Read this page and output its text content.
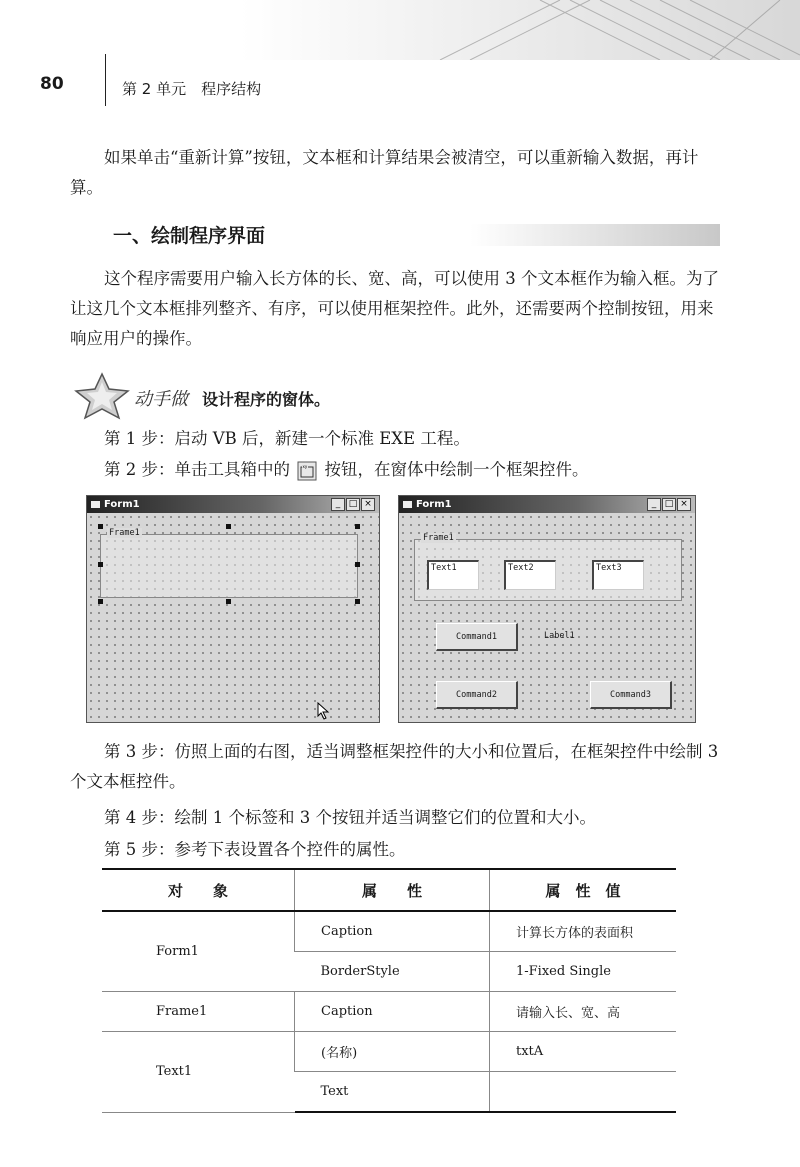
80	第 2 单元　程序结构

如果单击“重新计算”按钮，文本框和计算结果会被清空，可以重新输入数据，再计算。

一、绘制程序界面

这个程序需要用户输入长方体的长、宽、高，可以使用 3 个文本框作为输入框。为了让这几个文本框排列整齐、有序，可以使用框架控件。此外，还需要两个控制按钮，用来响应用户的操作。

动手做 设计程序的窗体。

第 1 步：启动 VB 后，新建一个标准 EXE 工程。

第 2 步：单击工具箱中的	xy 按钮，在窗体中绘制一个框架控件。

Form1	_ □ ×
Frame1
Form1	_ □ ×
Frame1
Text1	Text2	Text3
Command1	Label1
Command2	Command3

第 3 步：仿照上面的右图，适当调整框架控件的大小和位置后，在框架控件中绘制 3 个文本框控件。

第 4 步：绘制 1 个标签和 3 个按钮并适当调整它们的位置和大小。

第 5 步：参考下表设置各个控件的属性。

对　　象	属　　性	属　性　值
Form1	Caption	计算长方体的表面积
	BorderStyle	1-Fixed Single
Frame1	Caption	请输入长、宽、高
Text1	(名称)	txtA
	Text	
